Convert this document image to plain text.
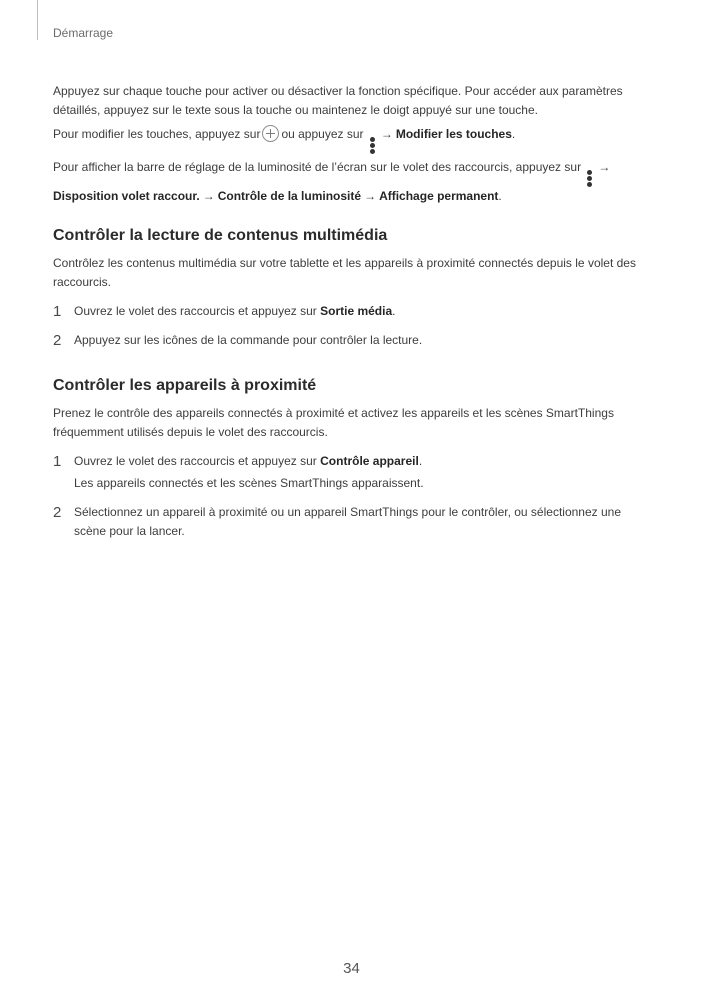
Démarrage

Appuyez sur chaque touche pour activer ou désactiver la fonction spécifique. Pour accéder aux paramètres détaillés, appuyez sur le texte sous la touche ou maintenez le doigt appuyé sur une touche.

Pour modifier les touches, appuyez sur ou appuyez sur → Modifier les touches.

Pour afficher la barre de réglage de la luminosité de l’écran sur le volet des raccourcis, appuyez sur →
Disposition volet raccour. → Contrôle de la luminosité → Affichage permanent.

Contrôler la lecture de contenus multimédia

Contrôlez les contenus multimédia sur votre tablette et les appareils à proximité connectés depuis le volet des raccourcis.

1	Ouvrez le volet des raccourcis et appuyez sur Sortie média.
2	Appuyez sur les icônes de la commande pour contrôler la lecture.
Contrôler les appareils à proximité

Prenez le contrôle des appareils connectés à proximité et activez les appareils et les scènes SmartThings fréquemment utilisés depuis le volet des raccourcis.

1	Ouvrez le volet des raccourcis et appuyez sur Contrôle appareil.
Les appareils connectés et les scènes SmartThings apparaissent.
2	Sélectionnez un appareil à proximité ou un appareil SmartThings pour le contrôler, ou sélectionnez une scène pour la lancer.
34
